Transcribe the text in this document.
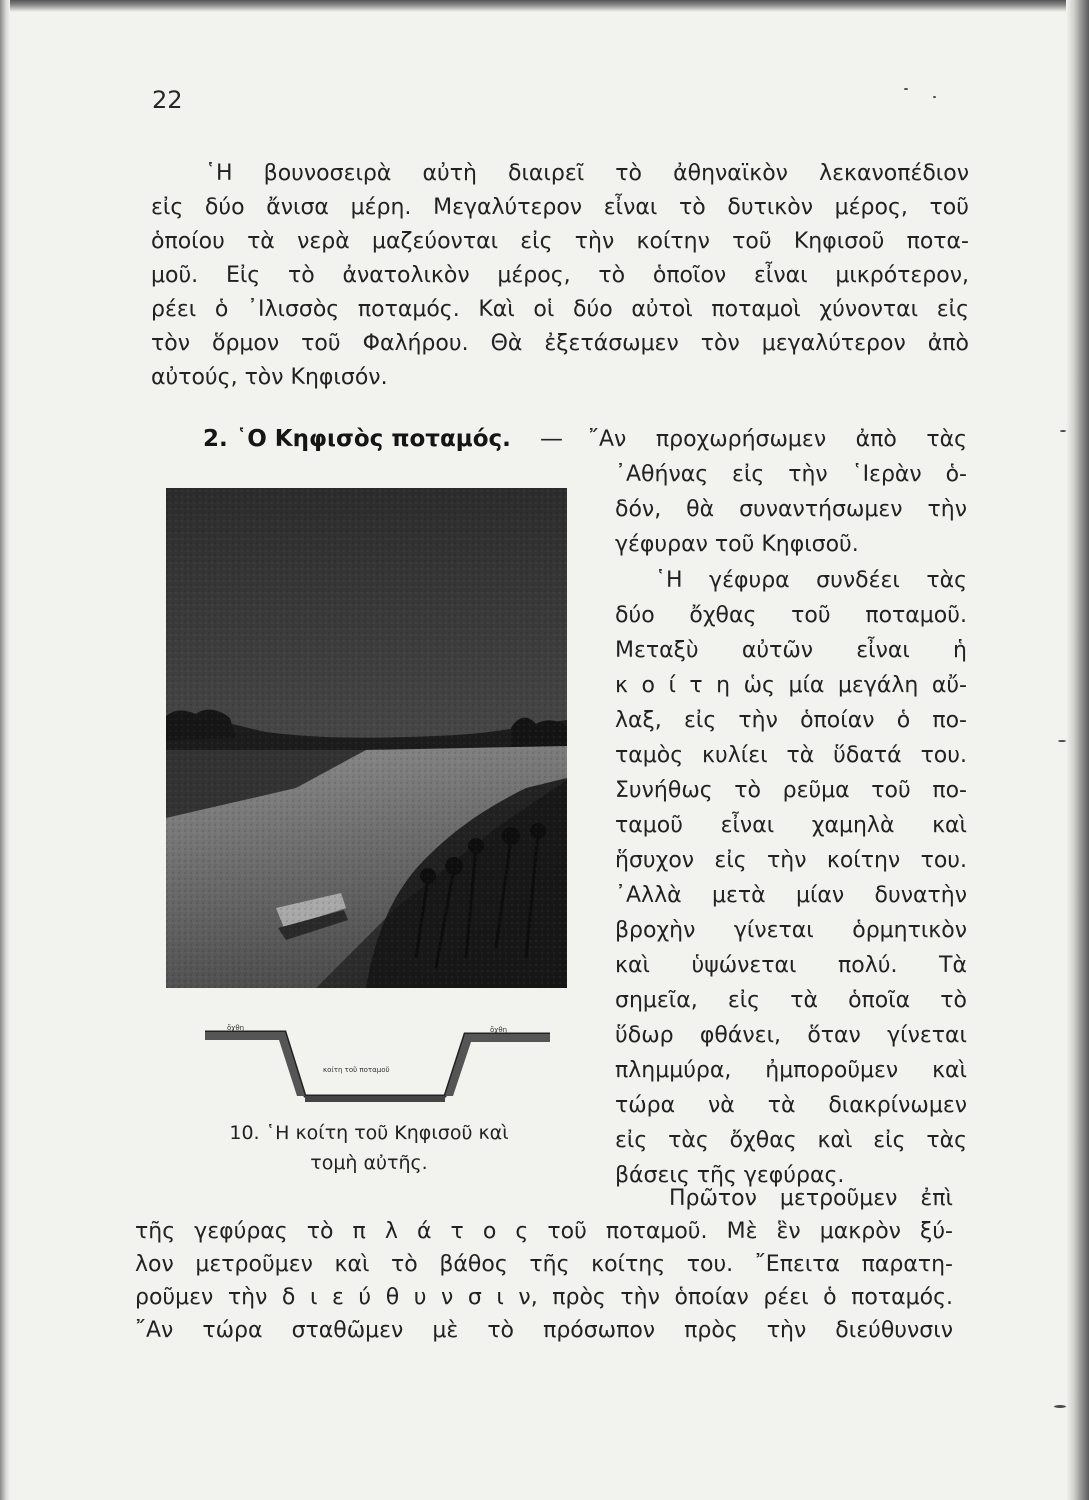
22
῾Η βουνοσειρὰ αὐτὴ διαιρεῖ τὸ ἀθηναϊκὸν λεκανοπέδιον
εἰς δύο ἄνισα μέρη. Μεγαλύτερον εἶναι τὸ δυτικὸν μέρος, τοῦ
ὁποίου τὰ νερὰ μαζεύονται εἰς τὴν κοίτην τοῦ Κηφισοῦ ποτα-
μοῦ. Εἰς τὸ ἀνατολικὸν μέρος, τὸ ὁποῖον εἶναι μικρότερον,
ρέει ὁ ᾿Ιλισσὸς ποταμός. Καὶ οἱ δύο αὐτοὶ ποταμοὶ χύνονται εἰς
τὸν ὅρμον τοῦ Φαλήρου. Θὰ ἐξετάσωμεν τὸν μεγαλύτερον ἀπὸ
αὐτούς, τὸν Κηφισόν.
2. ῾Ο Κηφισὸς ποταμός. —	῎Αν προχωρήσωμεν ἀπὸ τὰς
᾿Αθήνας εἰς τὴν ῾Ιερὰν ὁ-
δόν, θὰ συναντήσωμεν τὴν
γέφυραν τοῦ Κηφισοῦ.
῾Η γέφυρα συνδέει τὰς
δύο ὄχθας τοῦ ποταμοῦ.
Μεταξὺ αὐτῶν εἶναι ἡ
κ ο ί τ η ὡς μία μεγάλη αὔ-
λαξ, εἰς τὴν ὁποίαν ὁ πο-
ταμὸς κυλίει τὰ ὕδατά του.
Συνήθως τὸ ρεῦμα τοῦ πο-
ταμοῦ εἶναι χαμηλὰ καὶ
ἥσυχον εἰς τὴν κοίτην του.
᾿Αλλὰ μετὰ μίαν δυνατὴν
βροχὴν γίνεται ὁρμητικὸν
καὶ ὑψώνεται πολύ. Τὰ
σημεῖα, εἰς τὰ ὁποῖα τὸ
ὕδωρ φθάνει, ὅταν γίνεται
πλημμύρα, ἠμποροῦμεν καὶ
τώρα νὰ τὰ διακρίνωμεν
εἰς τὰς ὄχθας καὶ εἰς τὰς
βάσεις τῆς γεφύρας.
ὄχθη	ὄχθη
κοίτη τοῦ ποταμοῦ
10. ῾Η κοίτη τοῦ Κηφισοῦ καὶ
τομὴ αὐτῆς.
Πρῶτον μετροῦμεν ἐπὶ
τῆς γεφύρας τὸ π λ ά τ ο ς τοῦ ποταμοῦ. Μὲ ἓν μακρὸν ξύ-
λον μετροῦμεν καὶ τὸ βάθος τῆς κοίτης του. ῎Επειτα παρατη-
ροῦμεν τὴν δ ι ε ύ θ υ ν σ ι ν, πρὸς τὴν ὁποίαν ρέει ὁ ποταμός.
῎Αν τώρα σταθῶμεν μὲ τὸ πρόσωπον πρὸς τὴν διεύθυνσιν
